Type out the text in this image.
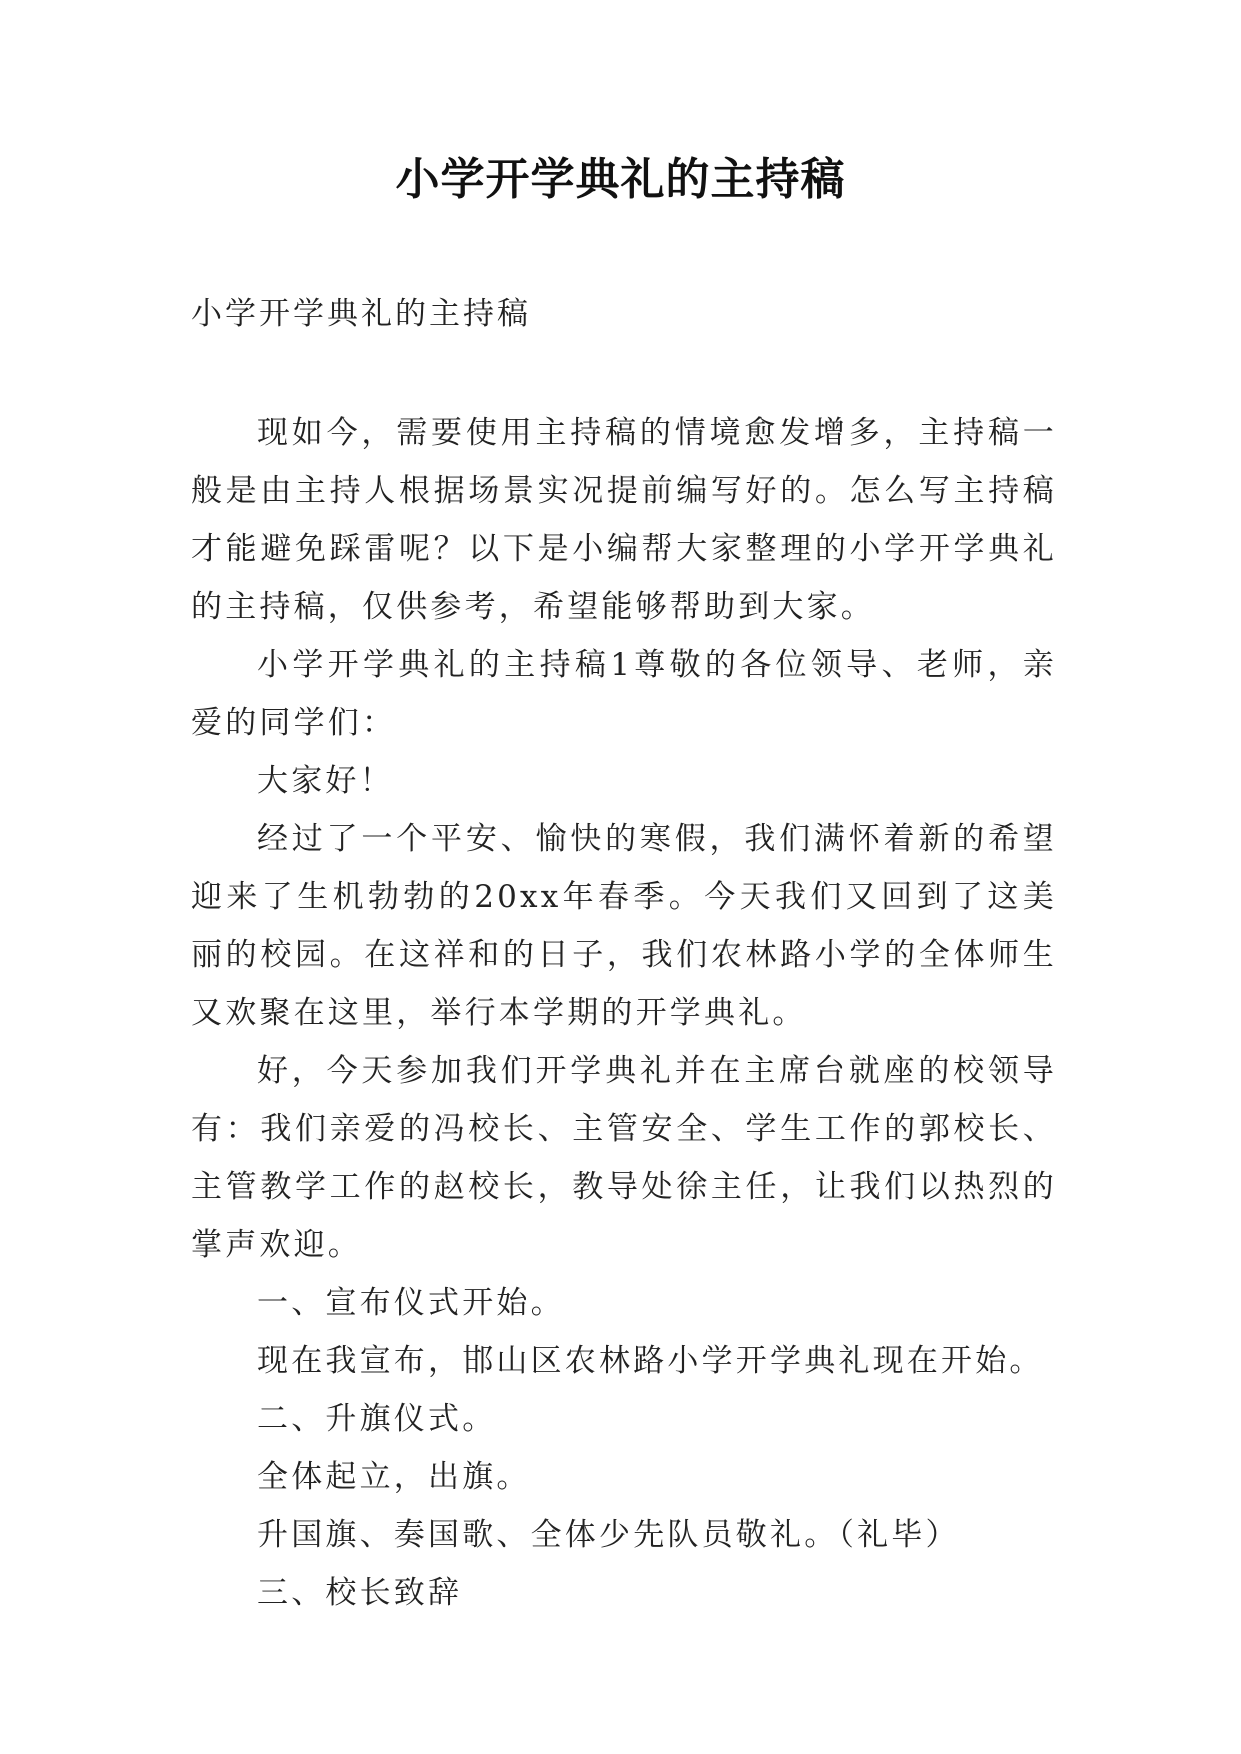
小学开学典礼的主持稿
小学开学典礼的主持稿

现如今，需要使用主持稿的情境愈发增多，主持稿一般是由主持人根据场景实况提前编写好的。怎么写主持稿才能避免踩雷呢？以下是小编帮大家整理的小学开学典礼的主持稿，仅供参考，希望能够帮助到大家。

小学开学典礼的主持稿1尊敬的各位领导、老师，亲爱的同学们：

大家好！

经过了一个平安、愉快的寒假，我们满怀着新的希望迎来了生机勃勃的20xx年春季。今天我们又回到了这美丽的校园。在这祥和的日子，我们农林路小学的全体师生又欢聚在这里，举行本学期的开学典礼。

好，今天参加我们开学典礼并在主席台就座的校领导有：我们亲爱的冯校长、主管安全、学生工作的郭校长、主管教学工作的赵校长，教导处徐主任，让我们以热烈的掌声欢迎。

一、宣布仪式开始。

现在我宣布，邯山区农林路小学开学典礼现在开始。

二、升旗仪式。

全体起立，出旗。

升国旗、奏国歌、全体少先队员敬礼。（礼毕）

三、校长致辞
